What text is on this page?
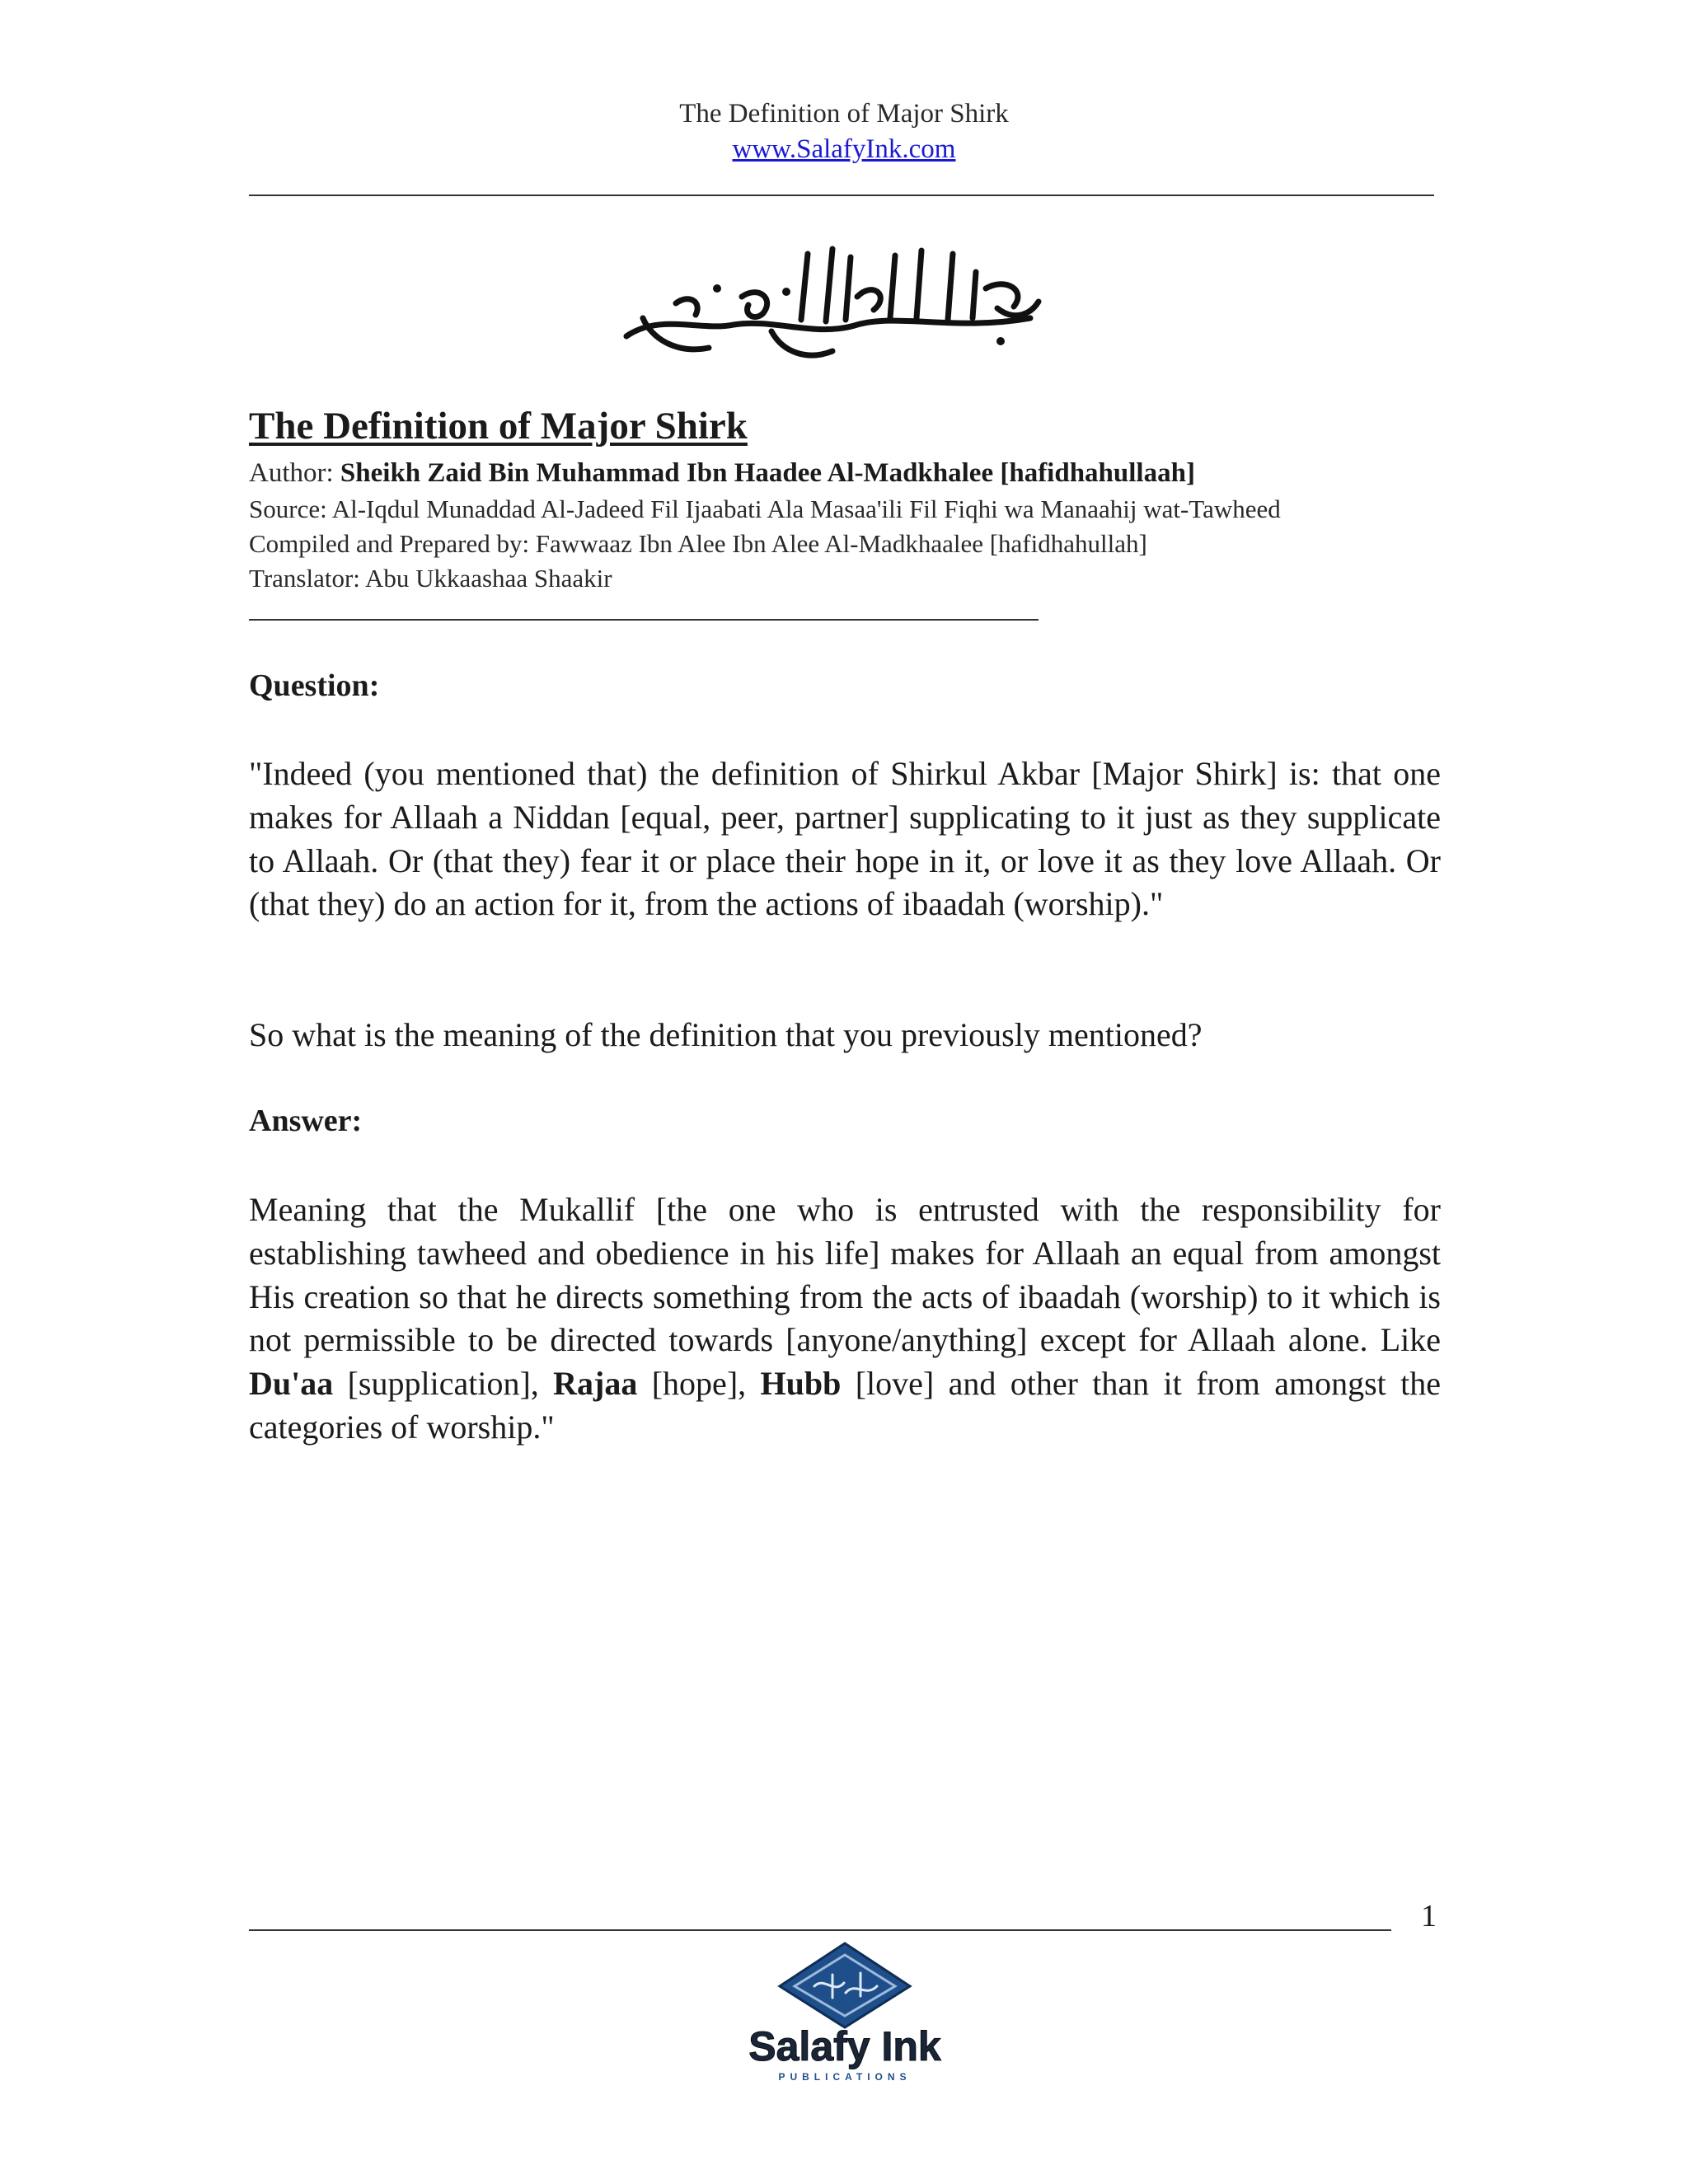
The Definition of Major Shirk
www.SalafyInk.com
The Definition of Major Shirk
Author: Sheikh Zaid Bin Muhammad Ibn Haadee Al-Madkhalee [hafidhahullaah]
Source: Al-Iqdul Munaddad Al-Jadeed Fil Ijaabati Ala Masaa'ili Fil Fiqhi wa Manaahij wat-Tawheed
Compiled and Prepared by: Fawwaaz Ibn Alee Ibn Alee Al-Madkhaalee [hafidhahullah]
Translator: Abu Ukkaashaa Shaakir
Question:
"Indeed (you mentioned that) the definition of Shirkul Akbar [Major Shirk] is: that one makes for Allaah a Niddan [equal, peer, partner] supplicating to it just as they supplicate to Allaah. Or (that they) fear it or place their hope in it, or love it as they love Allaah. Or (that they) do an action for it, from the actions of ibaadah (worship)."
So what is the meaning of the definition that you previously mentioned?
Answer:
Meaning that the Mukallif [the one who is entrusted with the responsibility for establishing tawheed and obedience in his life] makes for Allaah an equal from amongst His creation so that he directs something from the acts of ibaadah (worship) to it which is not permissible to be directed towards [anyone/anything] except for Allaah alone. Like Du'aa [supplication], Rajaa [hope], Hubb [love] and other than it from amongst the categories of worship."
1
Salafy Ink
PUBLICATIONS
